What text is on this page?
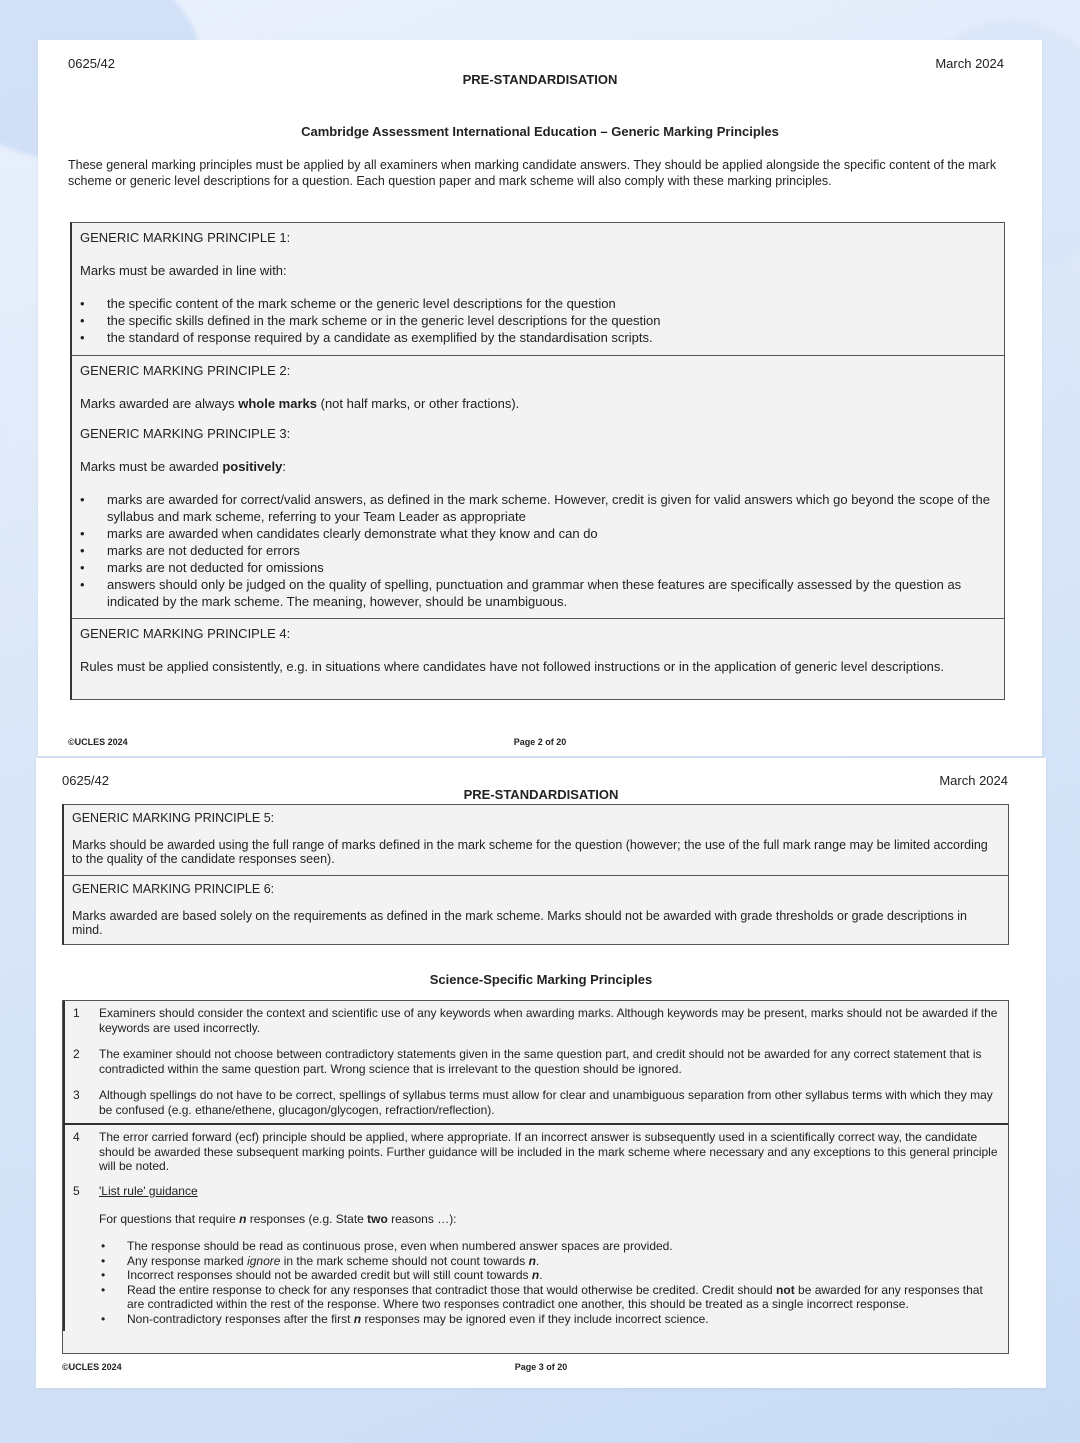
0625/42	March 2024
PRE-STANDARDISATION
Cambridge Assessment International Education – Generic Marking Principles
These general marking principles must be applied by all examiners when marking candidate answers. They should be applied alongside the specific content of the mark scheme or generic level descriptions for a question. Each question paper and mark scheme will also comply with these marking principles.

GENERIC MARKING PRINCIPLE 1:

Marks must be awarded in line with:

• the specific content of the mark scheme or the generic level descriptions for the question
• the specific skills defined in the mark scheme or in the generic level descriptions for the question
• the standard of response required by a candidate as exemplified by the standardisation scripts.

GENERIC MARKING PRINCIPLE 2:

Marks awarded are always whole marks (not half marks, or other fractions).

GENERIC MARKING PRINCIPLE 3:

Marks must be awarded positively:

• marks are awarded for correct/valid answers, as defined in the mark scheme. However, credit is given for valid answers which go beyond the scope of the syllabus and mark scheme, referring to your Team Leader as appropriate
• marks are awarded when candidates clearly demonstrate what they know and can do
• marks are not deducted for errors
• marks are not deducted for omissions
• answers should only be judged on the quality of spelling, punctuation and grammar when these features are specifically assessed by the question as indicated by the mark scheme. The meaning, however, should be unambiguous.

GENERIC MARKING PRINCIPLE 4:

Rules must be applied consistently, e.g. in situations where candidates have not followed instructions or in the application of generic level descriptions.

©UCLES 2024	Page 2 of 20
0625/42	March 2024
PRE-STANDARDISATION

GENERIC MARKING PRINCIPLE 5:

Marks should be awarded using the full range of marks defined in the mark scheme for the question (however; the use of the full mark range may be limited according to the quality of the candidate responses seen).

GENERIC MARKING PRINCIPLE 6:

Marks awarded are based solely on the requirements as defined in the mark scheme. Marks should not be awarded with grade thresholds or grade descriptions in mind.

Science-Specific Marking Principles
1 Examiners should consider the context and scientific use of any keywords when awarding marks. Although keywords may be present, marks should not be awarded if the keywords are used incorrectly.

2 The examiner should not choose between contradictory statements given in the same question part, and credit should not be awarded for any correct statement that is contradicted within the same question part. Wrong science that is irrelevant to the question should be ignored.

3 Although spellings do not have to be correct, spellings of syllabus terms must allow for clear and unambiguous separation from other syllabus terms with which they may be confused (e.g. ethane/ethene, glucagon/glycogen, refraction/reflection).

4 The error carried forward (ecf) principle should be applied, where appropriate. If an incorrect answer is subsequently used in a scientifically correct way, the candidate should be awarded these subsequent marking points. Further guidance will be included in the mark scheme where necessary and any exceptions to this general principle will be noted.

5 'List rule' guidance

For questions that require n responses (e.g. State two reasons …):

• The response should be read as continuous prose, even when numbered answer spaces are provided.
• Any response marked ignore in the mark scheme should not count towards n.
• Incorrect responses should not be awarded credit but will still count towards n.
• Read the entire response to check for any responses that contradict those that would otherwise be credited. Credit should not be awarded for any responses that are contradicted within the rest of the response. Where two responses contradict one another, this should be treated as a single incorrect response.
• Non-contradictory responses after the first n responses may be ignored even if they include incorrect science.
©UCLES 2024	Page 3 of 20
